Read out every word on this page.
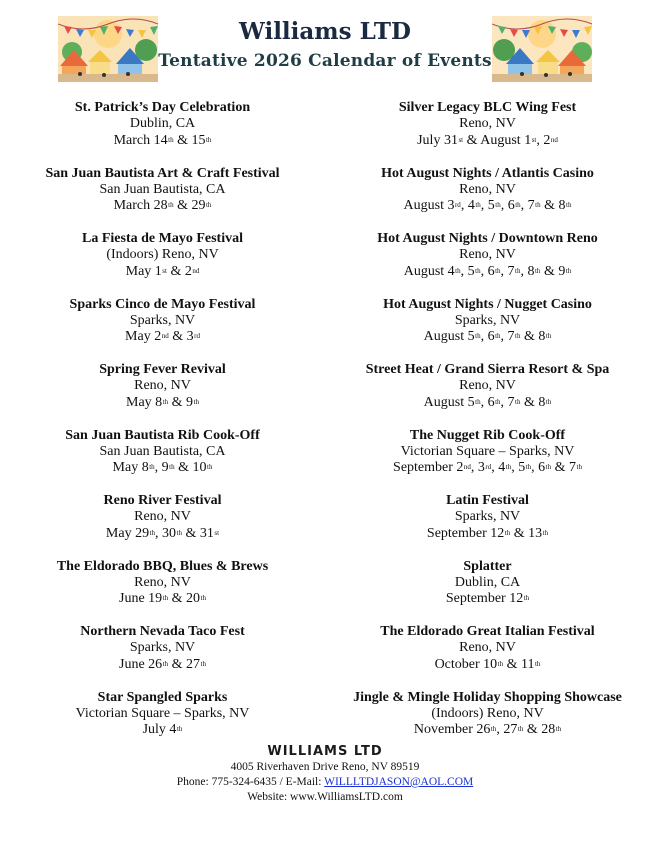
Williams LTD
Tentative 2026 Calendar of Events
St. Patrick’s Day Celebration
Dublin, CA
March 14th & 15th
San Juan Bautista Art & Craft Festival
San Juan Bautista, CA
March 28th & 29th
La Fiesta de Mayo Festival
(Indoors) Reno, NV
May 1st & 2nd
Sparks Cinco de Mayo Festival
Sparks, NV
May 2nd & 3rd
Spring Fever Revival
Reno, NV
May 8th & 9th
San Juan Bautista Rib Cook-Off
San Juan Bautista, CA
May 8th, 9th & 10th
Reno River Festival
Reno, NV
May 29th, 30th & 31st
The Eldorado BBQ, Blues & Brews
Reno, NV
June 19th & 20th
Northern Nevada Taco Fest
Sparks, NV
June 26th & 27th
Star Spangled Sparks
Victorian Square – Sparks, NV
July 4th
Silver Legacy BLC Wing Fest
Reno, NV
July 31st & August 1st, 2nd
Hot August Nights / Atlantis Casino
Reno, NV
August 3rd, 4th, 5th, 6th, 7th & 8th
Hot August Nights / Downtown Reno
Reno, NV
August 4th, 5th, 6th, 7th, 8th & 9th
Hot August Nights / Nugget Casino
Sparks, NV
August 5th, 6th, 7th & 8th
Street Heat / Grand Sierra Resort & Spa
Reno, NV
August 5th, 6th, 7th & 8th
The Nugget Rib Cook-Off
Victorian Square – Sparks, NV
September 2nd, 3rd, 4th, 5th, 6th & 7th
Latin Festival
Sparks, NV
September 12th & 13th
Splatter
Dublin, CA
September 12th
The Eldorado Great Italian Festival
Reno, NV
October 10th & 11th
Jingle & Mingle Holiday Shopping Showcase
(Indoors) Reno, NV
November 26th, 27th & 28th
WILLIAMS LTD
4005 Riverhaven Drive Reno, NV 89519
Phone: 775-324-6435 / E-Mail: WILLLTDJASON@AOL.COM
Website: www.WilliamsLTD.com
